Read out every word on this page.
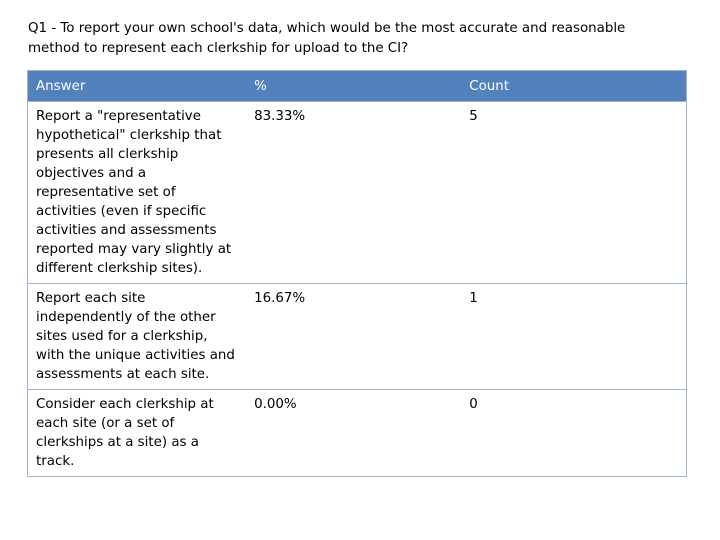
Q1 - To report your own school's data, which would be the most accurate and reasonable method to represent each clerkship for upload to the CI?

Answer	%	Count
Report a "representative hypothetical" clerkship that presents all clerkship objectives and a representative set of activities (even if specific activities and assessments reported may vary slightly at different clerkship sites).	83.33%	5
Report each site independently of the other sites used for a clerkship, with the unique activities and assessments at each site.	16.67%	1
Consider each clerkship at each site (or a set of clerkships at a site) as a track.	0.00%	0
